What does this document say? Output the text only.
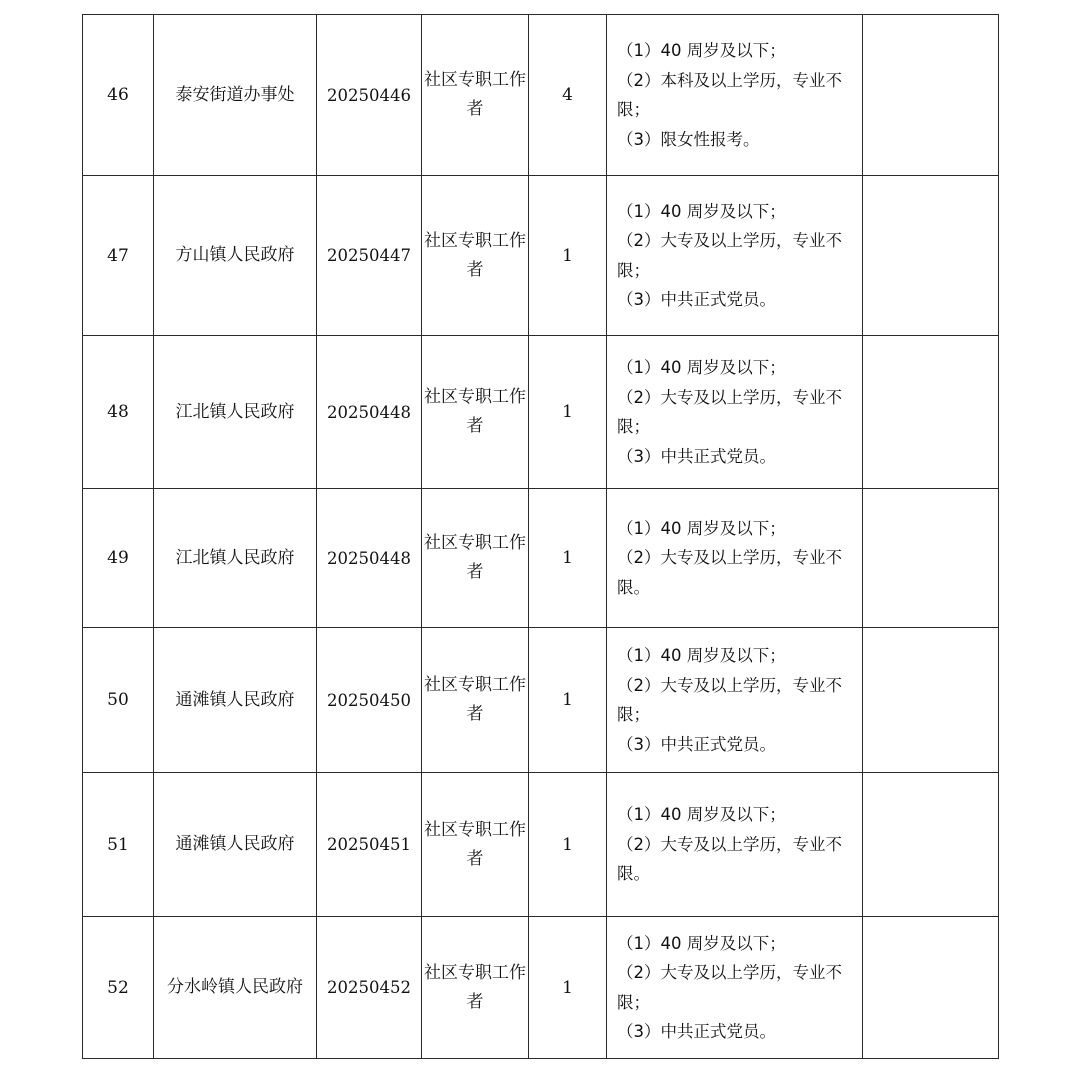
46	泰安街道办事处	20250446	社区专职工作者	4	（1）40 周岁及以下；
（2）本科及以上学历，专业不限；
（3）限女性报考。	

47	方山镇人民政府	20250447	社区专职工作者	1	（1）40 周岁及以下；
（2）大专及以上学历，专业不限；
（3）中共正式党员。	

48	江北镇人民政府	20250448	社区专职工作者	1	（1）40 周岁及以下；
（2）大专及以上学历，专业不限；
（3）中共正式党员。	

49	江北镇人民政府	20250448	社区专职工作者	1	（1）40 周岁及以下；
（2）大专及以上学历，专业不限。	

50	通滩镇人民政府	20250450	社区专职工作者	1	（1）40 周岁及以下；
（2）大专及以上学历，专业不限；
（3）中共正式党员。	

51	通滩镇人民政府	20250451	社区专职工作者	1	（1）40 周岁及以下；
（2）大专及以上学历，专业不限。	

52	分水岭镇人民政府	20250452	社区专职工作者	1	（1）40 周岁及以下；
（2）大专及以上学历，专业不限；
（3）中共正式党员。	
